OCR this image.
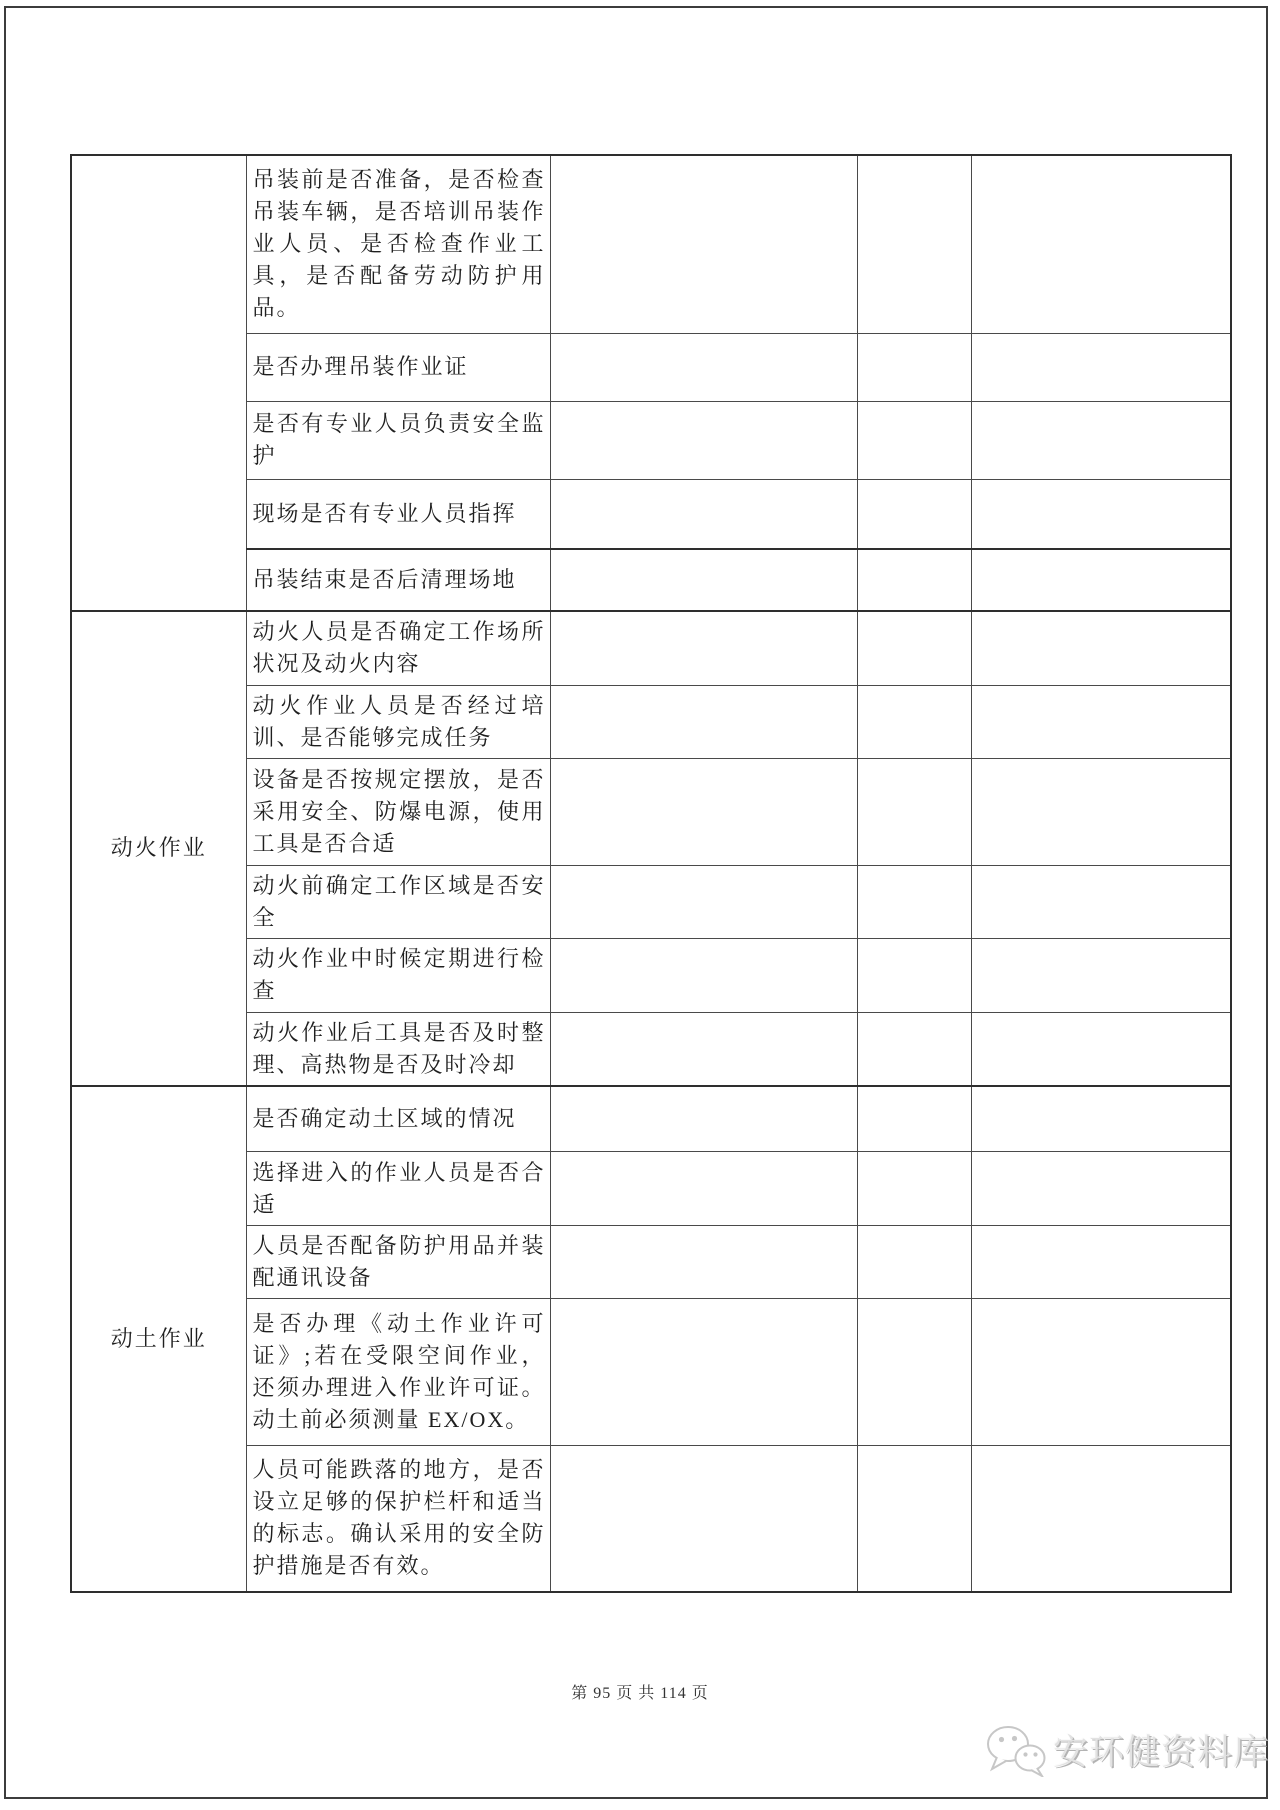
	吊装前是否准备，是否检查吊装车辆，是否培训吊装作业人员、是否检查作业工具，是否配备劳动防护用品。			
	是否办理吊装作业证			
	是否有专业人员负责安全监护			
	现场是否有专业人员指挥			
	吊装结束是否后清理场地			
动火作业	动火人员是否确定工作场所状况及动火内容			
	动火作业人员是否经过培训、是否能够完成任务			
	设备是否按规定摆放，是否采用安全、防爆电源，使用工具是否合适			
	动火前确定工作区域是否安全			
	动火作业中时候定期进行检查			
	动火作业后工具是否及时整理、高热物是否及时冷却			
动土作业	是否确定动土区域的情况			
	选择进入的作业人员是否合适			
	人员是否配备防护用品并装配通讯设备			
	是否办理《动土作业许可证》;若在受限空间作业，还须办理进入作业许可证。动土前必须测量 EX/OX。			
	人员可能跌落的地方，是否设立足够的保护栏杆和适当的标志。确认采用的安全防护措施是否有效。			
第 95 页 共 114 页
安环健资料库
